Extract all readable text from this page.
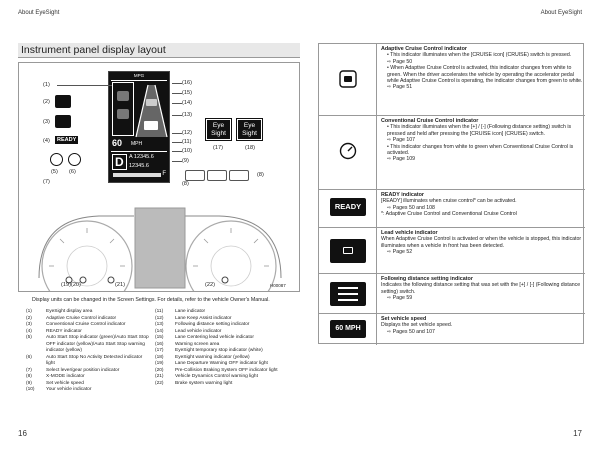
About EyeSight	About EyeSight
Instrument panel display layout
(1)
(2)
(3)
(4)	READY
(5) (6)
(7)
MPG
60 MPH
D A 12345.6
12345.6
F
(16)
(15)
(14)
(13)
(12)
(11)
(10)
(9)
(8)
Eye Sight
Eye Sight
(17)	(18)
(8)
(19)(20)	(21)	(22)	H00087
Display units can be changed in the Screen Settings. For details, refer to the vehicle Owner's Manual.
(1)	EyeSight display area
(2)	Adaptive Cruise Control indicator
(3)	Conventional Cruise Control indicator
(4)	READY indicator
(5)	Auto Start Stop indicator (green)/Auto Start Stop
OFF indicator (yellow)/Auto Start Stop warning
indicator (yellow)
(6)	Auto Start Stop No Activity Detected indicator
light
(7)	Select lever/gear position indicator
(8)	X-MODE indicator
(9)	Set vehicle speed
(10) Your vehicle indicator
(11) Lane indicator
(12) Lane Keep Assist indicator
(13) Following distance setting indicator
(14) Lead vehicle indicator
(15) Lane Centering lead vehicle indicator
(16) Warning screen area
(17) EyeSight temporary stop indicator (white)
(18) EyeSight warning indicator (yellow)
(19) Lane Departure Warning OFF indicator light
(20) Pre-Collision Braking System OFF indicator light
(21) Vehicle Dynamics Control warning light
(22) Brake system warning light
Adaptive Cruise Control indicator
• This indicator illuminates when the [CRUISE icon] (CRUISE) switch is pressed.
⇨ Page 50
• When Adaptive Cruise Control is activated, this indicator changes from white to green. When the driver accelerates the vehicle by operating the accelerator pedal while Adaptive Cruise Control is operating, the indicator changes from green to white.
⇨ Page 51
Conventional Cruise Control indicator
• This indicator illuminates when the [+] / [-] (Following distance setting) switch is pressed and held after pressing the [CRUISE icon] (CRUISE) switch.
⇨ Page 107
• This indicator changes from white to green when Conventional Cruise Control is activated.
⇨ Page 109
READY
READY indicator
[READY] illuminates when cruise control* can be activated.
⇨ Pages 50 and 108
*: Adaptive Cruise Control and Conventional Cruise Control
Lead vehicle indicator
When Adaptive Cruise Control is activated or when the vehicle is stopped, this indicator illuminates when a vehicle in front has been detected.
⇨ Page 52
Following distance setting indicator
Indicates the following distance setting that was set with the [+] / [-] (Following distance setting) switch.
⇨ Page 59
60 MPH
Set vehicle speed
Displays the set vehicle speed.
⇨ Pages 50 and 107
16	17
